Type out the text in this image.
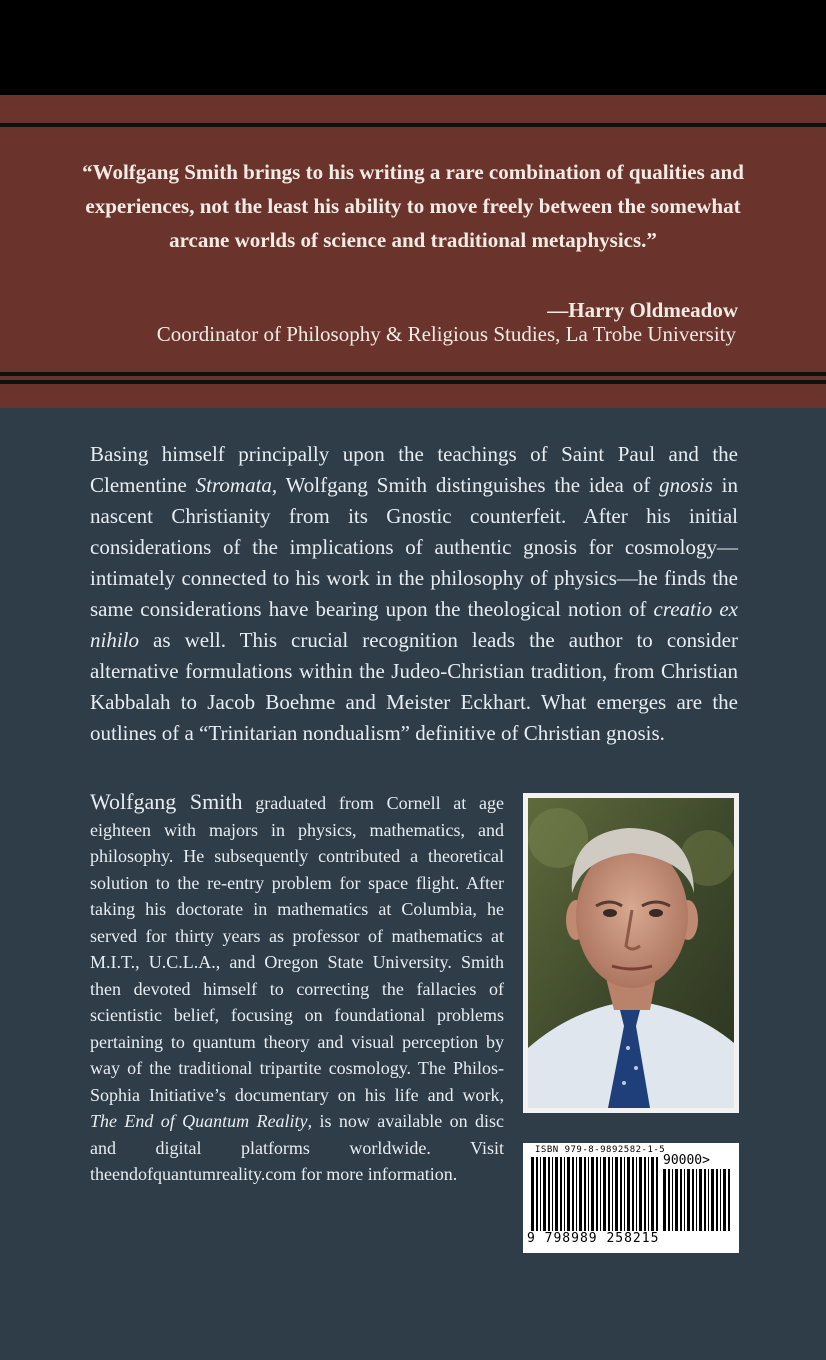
“Wolfgang Smith brings to his writing a rare combination of qualities and experiences, not the least his ability to move freely between the somewhat arcane worlds of science and traditional metaphysics.”

—Harry Oldmeadow

Coordinator of Philosophy & Religious Studies, La Trobe University

Basing himself principally upon the teachings of Saint Paul and the Clementine Stromata, Wolfgang Smith distinguishes the idea of gnosis in nascent Christianity from its Gnostic counterfeit. After his initial considerations of the implications of authentic gnosis for cosmology—intimately connected to his work in the philosophy of physics—he finds the same considerations have bearing upon the theological notion of creatio ex nihilo as well. This crucial recognition leads the author to consider alternative formulations within the Judeo-Christian tradition, from Christian Kabbalah to Jacob Boehme and Meister Eckhart. What emerges are the outlines of a “Trinitarian nondualism” definitive of Christian gnosis.

Wolfgang Smith graduated from Cornell at age eighteen with majors in physics, mathematics, and philosophy. He subsequently contributed a theoretical solution to the re-entry problem for space flight. After taking his doctorate in mathematics at Columbia, he served for thirty years as professor of mathematics at M.I.T., U.C.L.A., and Oregon State University. Smith then devoted himself to correcting the fallacies of scientistic belief, focusing on foundational problems pertaining to quantum theory and visual perception by way of the traditional tripartite cosmology. The Philos-Sophia Initiative’s documentary on his life and work, The End of Quantum Reality, is now available on disc and digital platforms worldwide. Visit theendofquantumreality.com for more information.

ISBN 979-8-9892582-1-5
90000>
9 798989 258215
